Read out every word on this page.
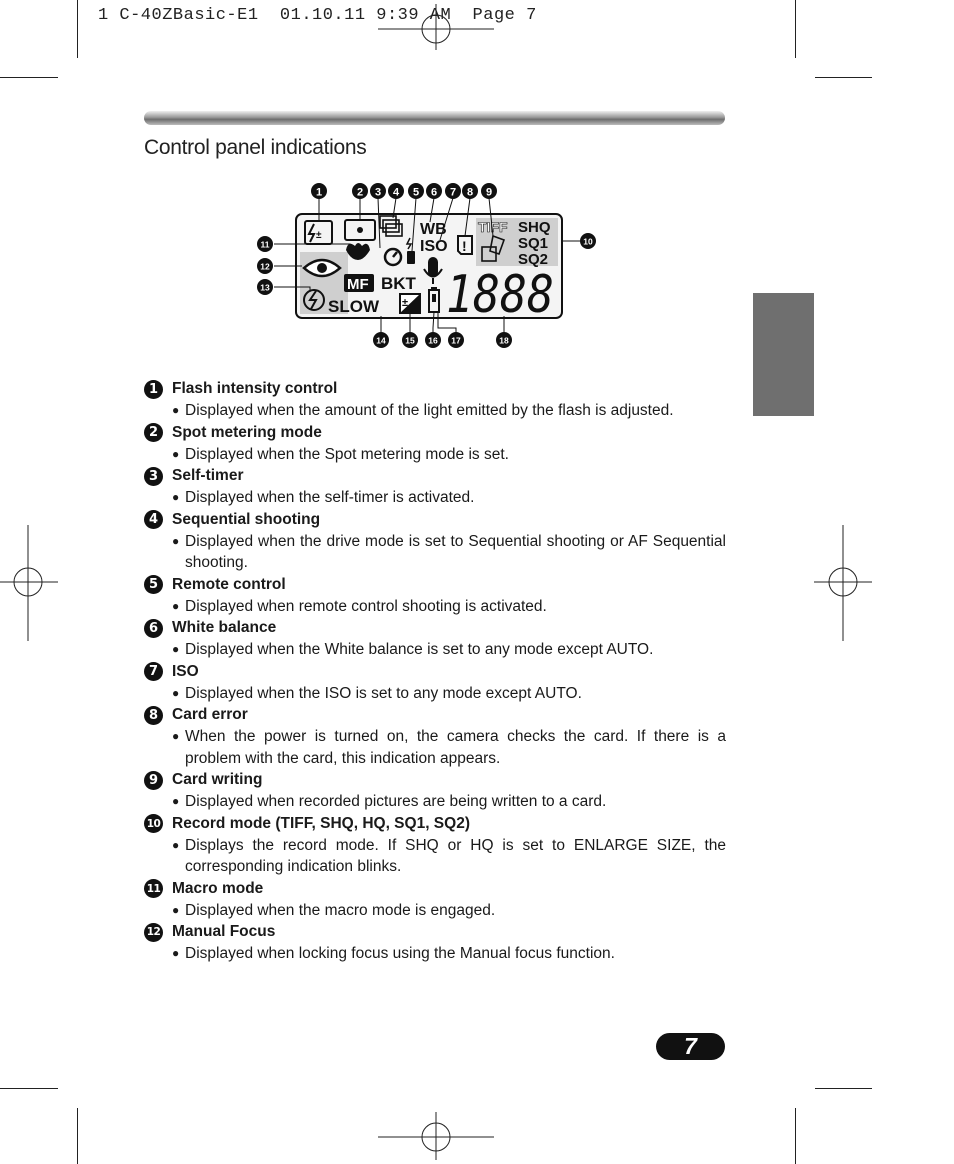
1 C-40ZBasic-E1  01.10.11 9:39 AM  Page 7
Control panel indications
±	WB
ISO !
TIFF SHQ
SQ1
SQ2
MF BKT
SLOW ± 1888
1	2 3 4 5 6 7 8 9
10
11
12
13
14 15 16 17	18
1 Flash intensity control
● Displayed when the amount of the light emitted by the flash is adjusted.
2 Spot metering mode
● Displayed when the Spot metering mode is set.
3 Self-timer
● Displayed when the self-timer is activated.
4 Sequential shooting
● Displayed when the drive mode is set to Sequential shooting or AF Sequential shooting.
5 Remote control
● Displayed when remote control shooting is activated.
6 White balance
● Displayed when the White balance is set to any mode except AUTO.
7 ISO
● Displayed when the ISO is set to any mode except AUTO.
8 Card error
● When the power is turned on, the camera checks the card. If there is a problem with the card, this indication appears.
9 Card writing
● Displayed when recorded pictures are being written to a card.
10 Record mode (TIFF, SHQ, HQ, SQ1, SQ2)
● Displays the record mode. If SHQ or HQ is set to ENLARGE SIZE, the corresponding indication blinks.
11 Macro mode
● Displayed when the macro mode is engaged.
12 Manual Focus
● Displayed when locking focus using the Manual focus function.
7
